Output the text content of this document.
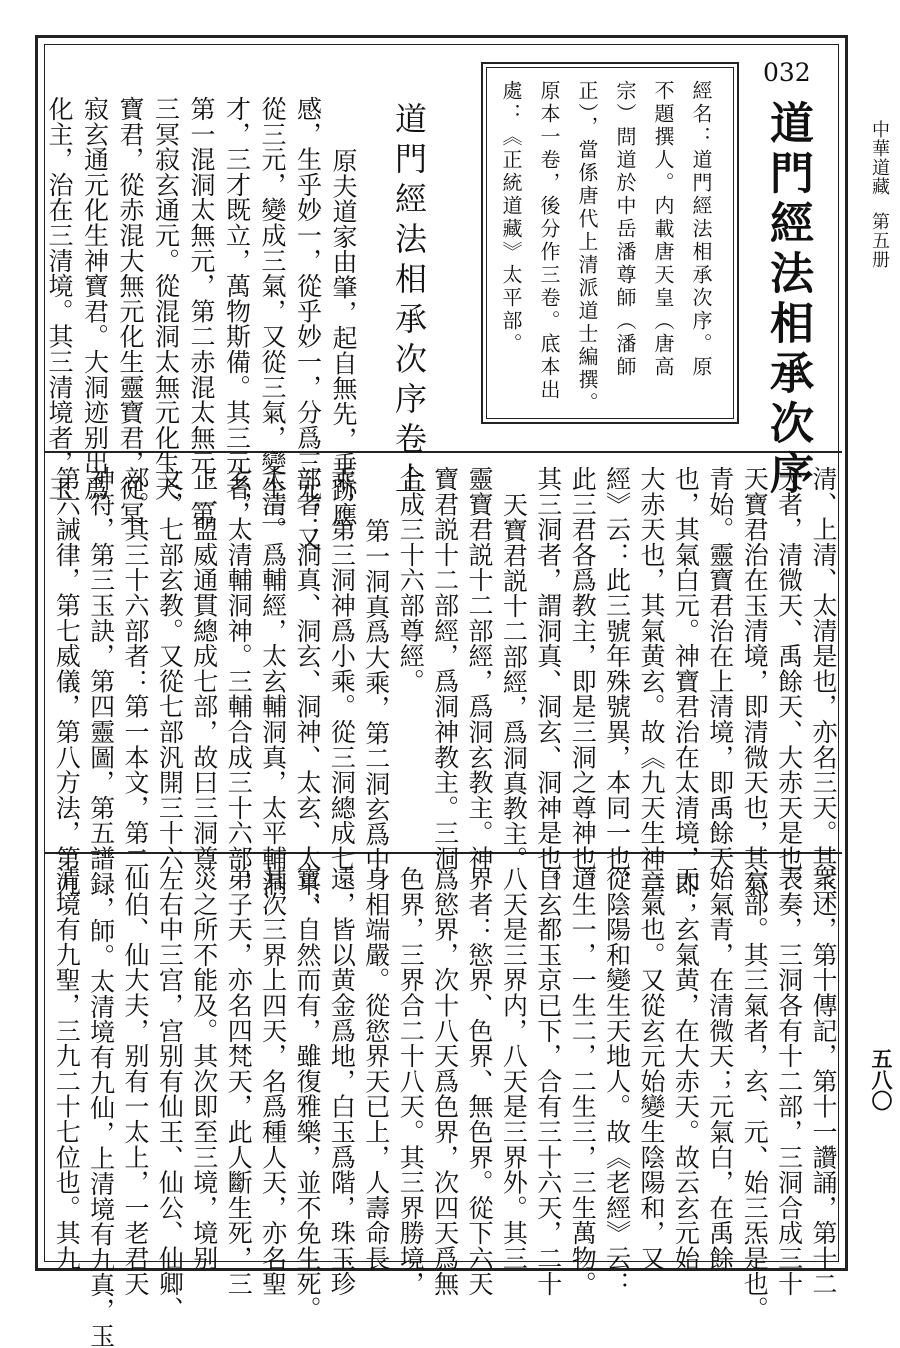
中華道藏第五册
五八〇
032
道門經法相承次序
經名：道門經法相承次序。原
不題撰人。内載唐天皇（唐高
宗）問道於中岳潘尊師（潘師
正），當係唐代上清派道士編撰。
原本一卷，後分作三卷。底本出
處：《正統道藏》太平部。
道門經法相承次序卷上
原夫道家由肇，起自無先，垂跡應
感，生乎妙一，從乎妙一，分爲三元，又
從三元，變成三氣，又從三氣，變生三
才，三才既立，萬物斯備。其三元者，
第一混洞太無元，第二赤混太無元，第
三冥寂玄通元。從混洞太無元化生天
寶君，從赤混大無元化生靈寶君，從冥
寂玄通元化生神寶君。大洞迹别出爲
化主，治在三清境。其三清境者，玉
清、上清、太清是也，亦名三天。其三
天者，清微天、禹餘天、大赤天是也。
天寶君治在玉清境，即清微天也，其氣
青始。靈寶君治在上清境，即禹餘天
也，其氣白元。神寶君治在太清境，即
大赤天也，其氣黄玄。故《九天生神章
經》云：此三號年殊號異，本同一也，
此三君各爲教主，即是三洞之尊神也。
其三洞者，謂洞真、洞玄、洞神是也。
天寶君説十二部經，爲洞真教主。
靈寶君説十二部經，爲洞玄教主。神
寶君説十二部經，爲洞神教主。三洞
合成三十六部尊經。
第一洞真爲大乘，第二洞玄爲中
乘，第三洞神爲小乘。從三洞總成七
部者：洞真、洞玄、洞神、太玄、太平、
太清。爲輔經，太玄輔洞真，太平輔洞
玄，太清輔洞神。三輔合成三十六部，
正一盟威通貫總成七部，故曰三洞尊
文，七部玄教。又從七部汎開三十六
部。其三十六部者：第一本文，第二
神符，第三玉訣，第四靈圖，第五譜録，
第六誡律，第七威儀，第八方法，第九
衆述，第十傳記，第十一讚誦，第十二
表奏，三洞各有十二部，三洞合成三十
六部。其三氣者，玄、元、始三炁是也。
始氣青，在清微天；元氣白，在禹餘
天；玄氣黄，在大赤天。故云玄元始
三氣也。又從玄元始變生陰陽和，又
從陰陽和變生天地人。故《老經》云：
道生一，一生二，二生三，三生萬物。
自玄都玉京已下，合有三十六天，二十
八天是三界内，八天是三界外。其三
界者：慾界、色界、無色界。從下六天
爲慾界，次十八天爲色界，次四天爲無
色界，三界合二十八天。其三界勝境，
身相端嚴。從慾界天已上，人壽命長
遠，皆以黄金爲地，白玉爲階，珠玉珍
寶，自然而有，雖復雅樂，並不免生死。
其次三界上四天，名爲種人天，亦名聖
弟子天，亦名四梵天，此人斷生死，三
災之所不能及。其次即至三境，境别
左右中三宫，宫别有仙王、仙公、仙卿、
仙伯、仙大夫，别有一太上，一老君天
師。太清境有九仙，上清境有九真，玉
清境有九聖，三九二十七位也。其九
